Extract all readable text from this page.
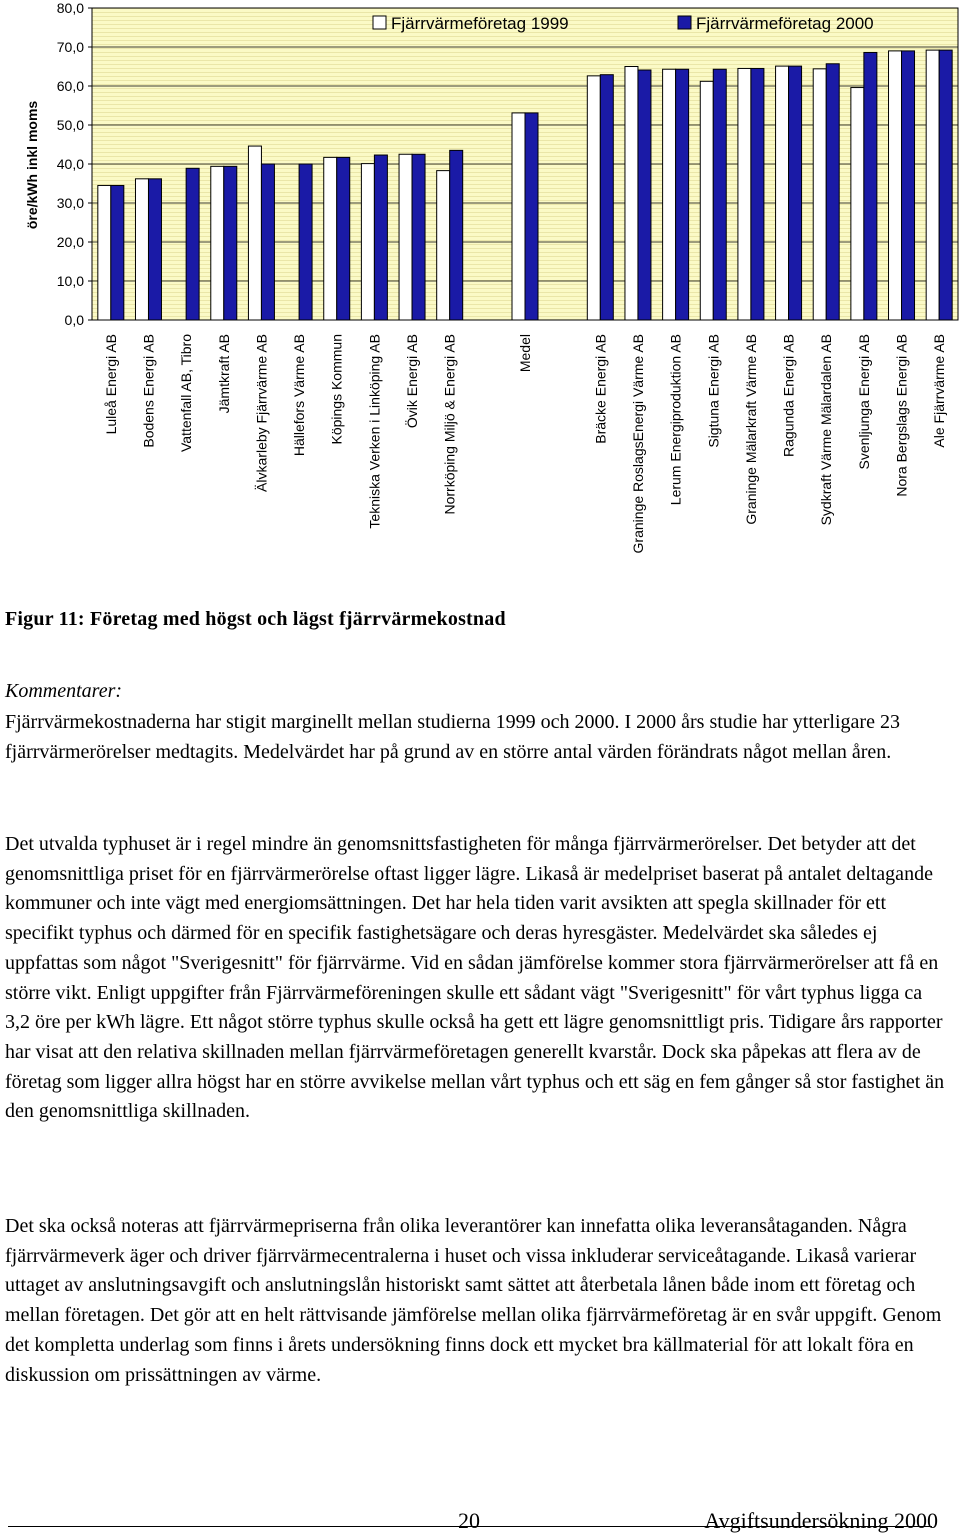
0,0
10,0
20,0
30,0
40,0
50,0
60,0
70,0
80,0
Luleå Energi AB Bodens Energi AB Vattenfall AB, Tibro Jämtkraft AB Älvkarleby Fjärrvärme AB Hällefors Värme AB Köpings Kommun Tekniska Verken i Linköping AB Övik Energi AB Norrköping Miljö & Energi AB	Medel	Bräcke Energi AB Graninge RoslagsEnergi Värme AB Lerum Energiproduktion AB Sigtuna Energi AB Graninge Mälarkraft Värme AB Ragunda Energi AB Sydkraft Värme Mälardalen AB Svenljunga Energi AB Nora Bergslags Energi AB Ale Fjärrvärme AB
Fjärrvärmeföretag 1999	Fjärrvärmeföretag 2000
öre/kWh inkl moms
Figur 11: Företag med högst och lägst fjärrvärmekostnad
Kommentarer:

Fjärrvärmekostnaderna har stigit marginellt mellan studierna 1999 och 2000. I 2000 års studie har ytterligare 23 fjärrvärmerörelser medtagits. Medelvärdet har på grund av en större antal värden förändrats något mellan åren.

Det utvalda typhuset är i regel mindre än genomsnittsfastigheten för många fjärrvärmerörelser. Det betyder att det genomsnittliga priset för en fjärrvärmerörelse oftast ligger lägre. Likaså är medelpriset baserat på antalet deltagande kommuner och inte vägt med energiomsättningen. Det har hela tiden varit avsikten att spegla skillnader för ett specifikt typhus och därmed för en specifik fastighetsägare och deras hyresgäster. Medelvärdet ska således ej uppfattas som något "Sverigesnitt" för fjärrvärme. Vid en sådan jämförelse kommer stora fjärrvärmerörelser att få en större vikt. Enligt uppgifter från Fjärrvärmeföreningen skulle ett sådant vägt "Sverigesnitt" för vårt typhus ligga ca 3,2 öre per kWh lägre. Ett något större typhus skulle också ha gett ett lägre genomsnittligt pris. Tidigare års rapporter har visat att den relativa skillnaden mellan fjärrvärmeföretagen generellt kvarstår. Dock ska påpekas att flera av de företag som ligger allra högst har en större avvikelse mellan vårt typhus och ett säg en fem gånger så stor fastighet än den genomsnittliga skillnaden.

Det ska också noteras att fjärrvärmepriserna från olika leverantörer kan innefatta olika leveransåtaganden. Några fjärrvärmeverk äger och driver fjärrvärmecentralerna i huset och vissa inkluderar serviceåtagande. Likaså varierar uttaget av anslutningsavgift och anslutningslån historiskt samt sättet att återbetala lånen både inom ett företag och mellan företagen. Det gör att en helt rättvisande jämförelse mellan olika fjärrvärmeföretag är en svår uppgift. Genom det kompletta underlag som finns i årets undersökning finns dock ett mycket bra källmaterial för att lokalt föra en diskussion om prissättningen av värme.

20	Avgiftsundersökning 2000
